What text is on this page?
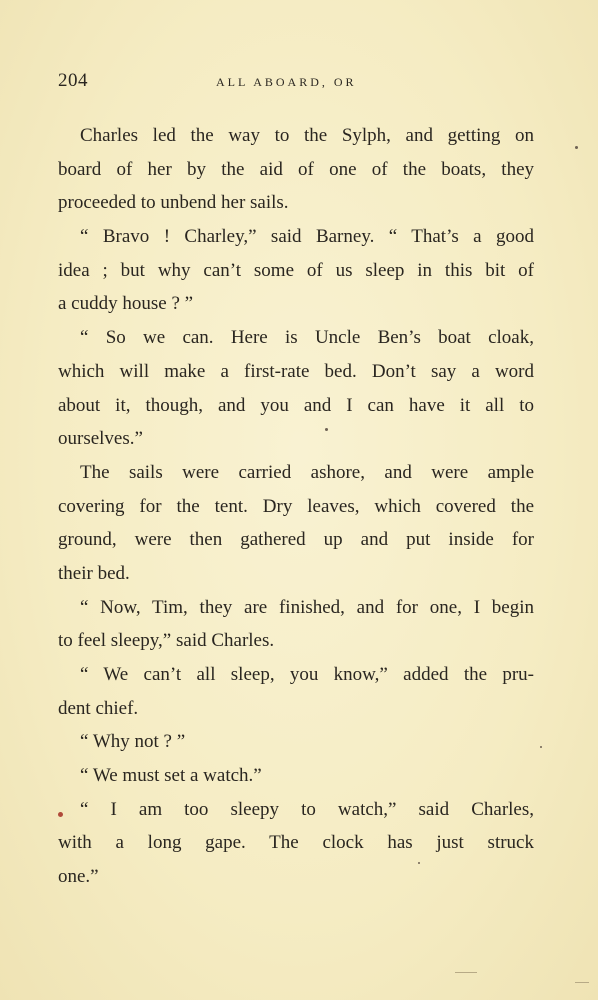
204	ALL ABOARD, OR
Charles led the way to the Sylph, and getting on
board of her by the aid of one of the boats, they
proceeded to unbend her sails.
“ Bravo ! Charley,” said Barney. “ That’s a good
idea ; but why can’t some of us sleep in this bit of
a cuddy house ? ”
“ So we can. Here is Uncle Ben’s boat cloak,
which will make a first-rate bed. Don’t say a word
about it, though, and you and I can have it all to
ourselves.”
The sails were carried ashore, and were ample
covering for the tent. Dry leaves, which covered the
ground, were then gathered up and put inside for
their bed.
“ Now, Tim, they are finished, and for one, I begin
to feel sleepy,” said Charles.
“ We can’t all sleep, you know,” added the pru-
dent chief.
“ Why not ? ”
“ We must set a watch.”
“ I am too sleepy to watch,” said Charles,
with a long gape. The clock has just struck
one.”
